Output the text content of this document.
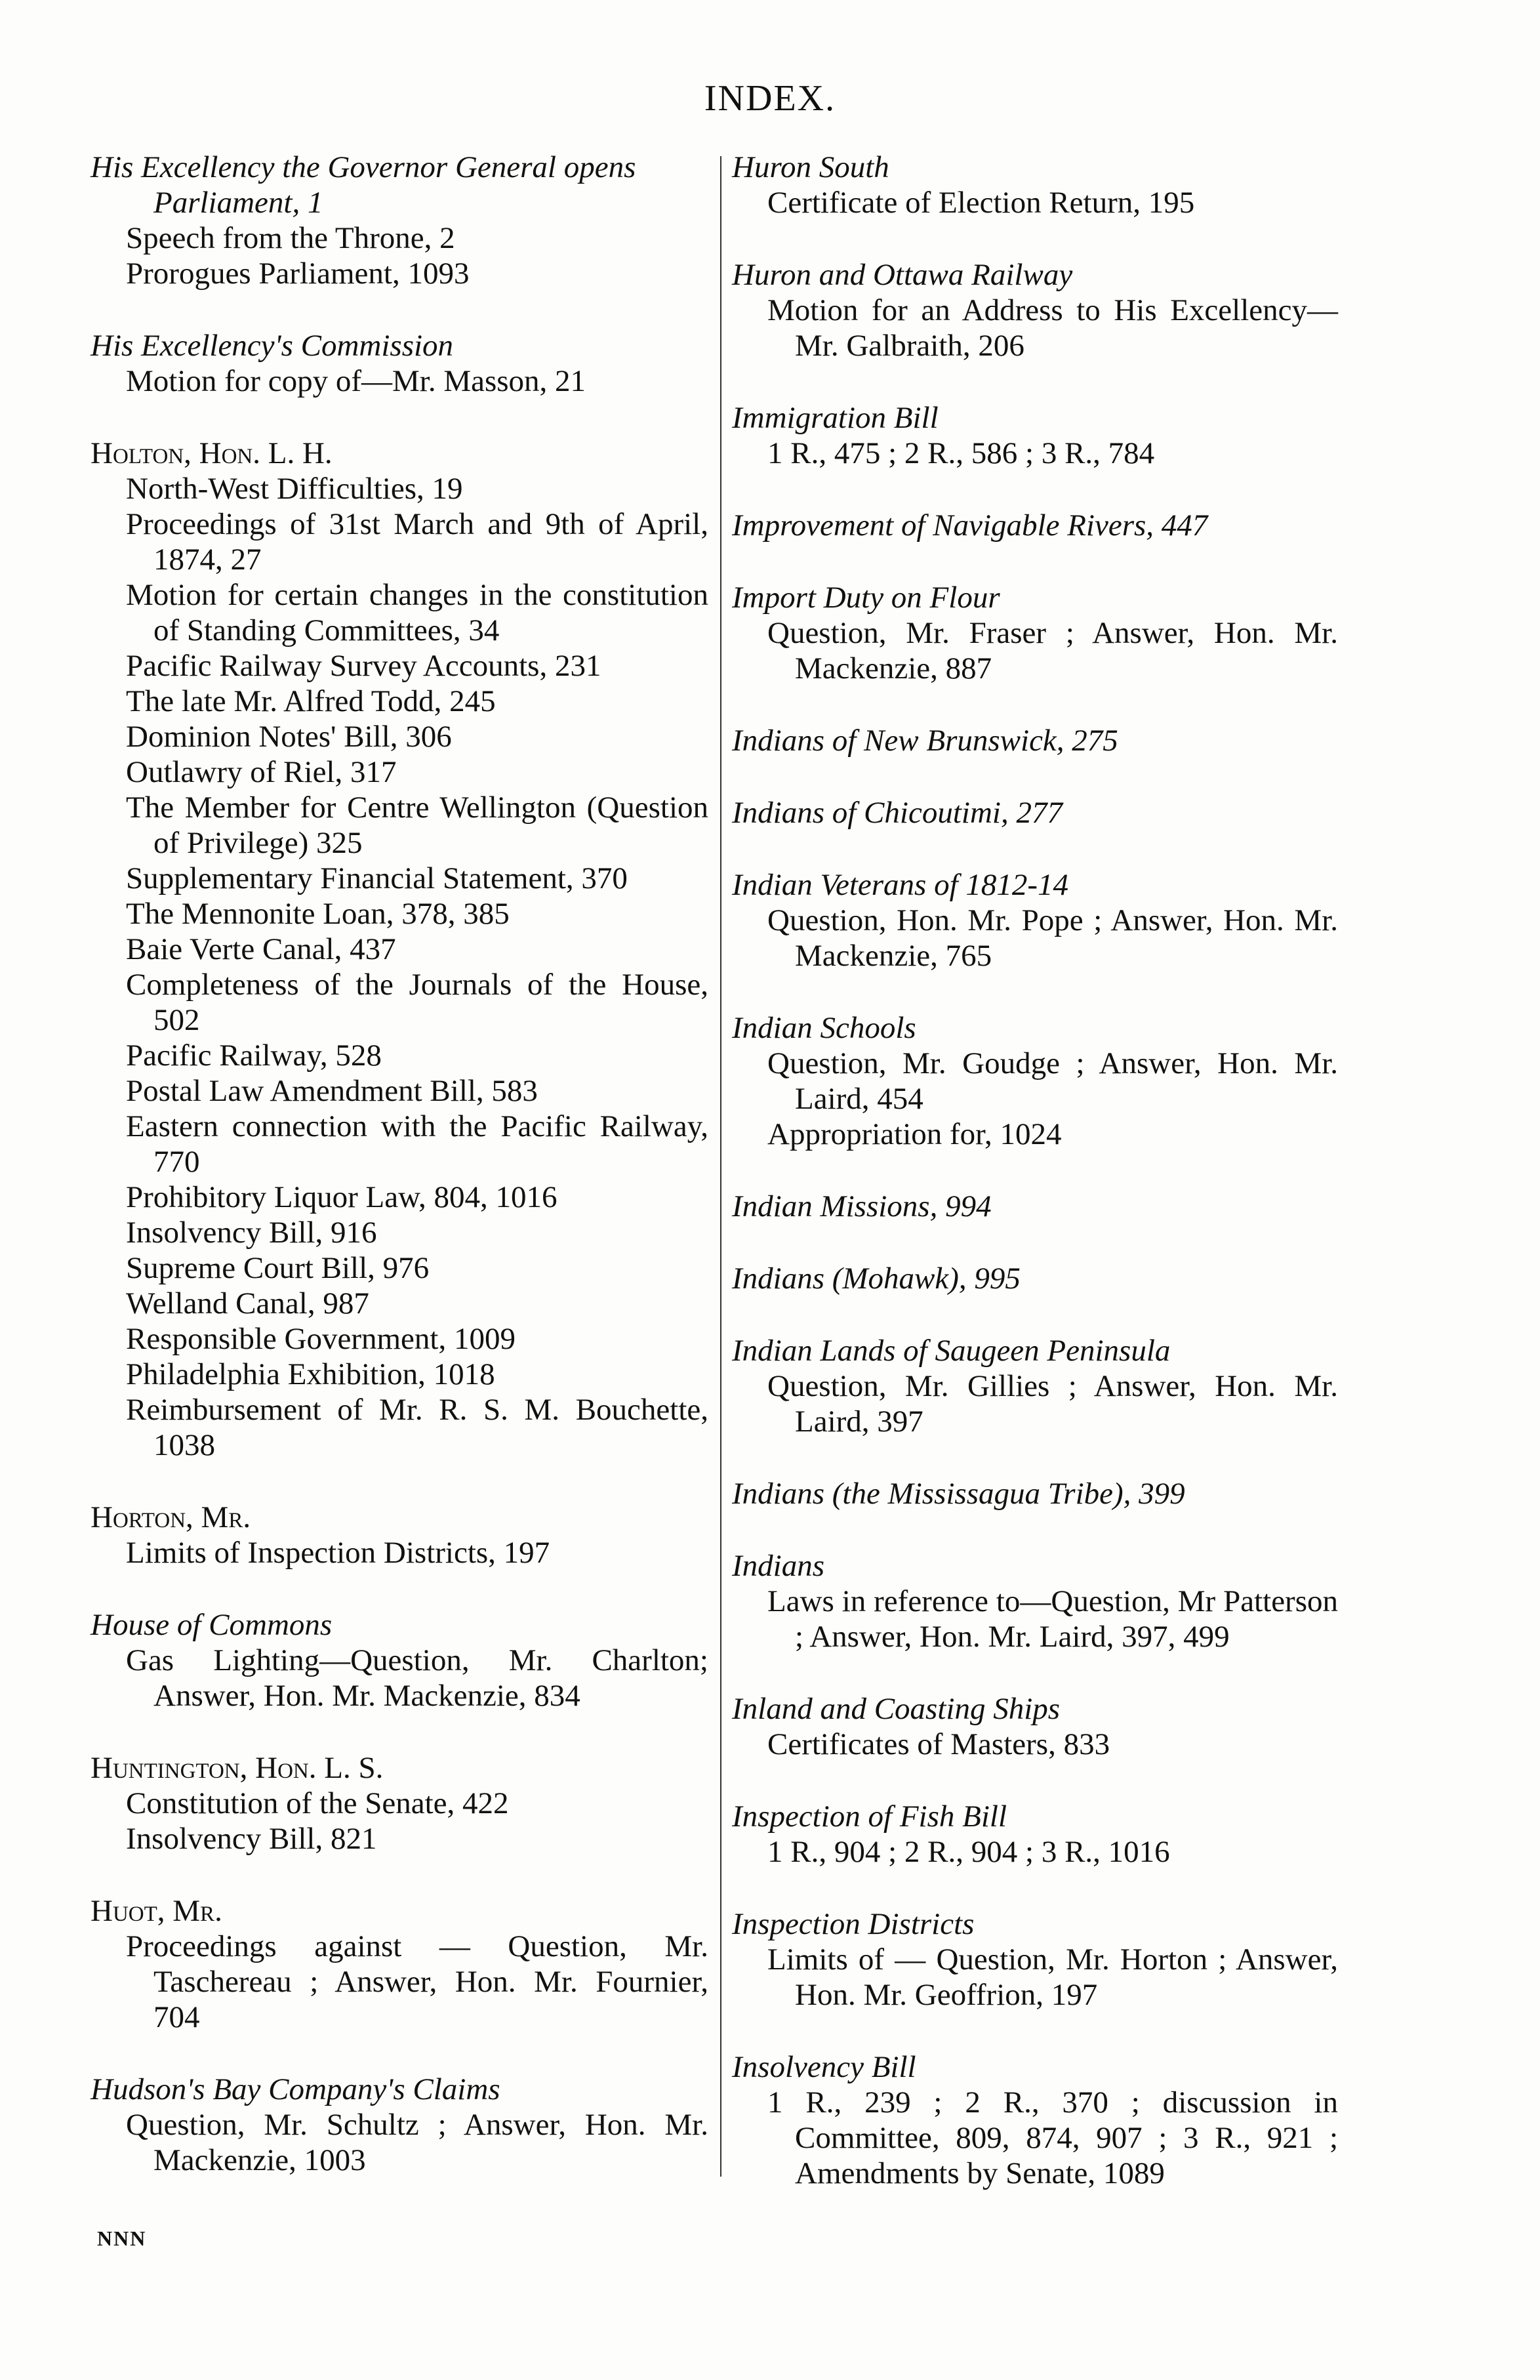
INDEX.
His Excellency the Governor General opens Parliament, 1
Speech from the Throne, 2
Prorogues Parliament, 1093
His Excellency's Commission
Motion for copy of—Mr. Masson, 21
Holton, Hon. L. H.
North-West Difficulties, 19
Proceedings of 31st March and 9th of April, 1874, 27
Motion for certain changes in the constitution of Standing Committees, 34
Pacific Railway Survey Accounts, 231
The late Mr. Alfred Todd, 245
Dominion Notes' Bill, 306
Outlawry of Riel, 317
The Member for Centre Wellington (Question of Privilege) 325
Supplementary Financial Statement, 370
The Mennonite Loan, 378, 385
Baie Verte Canal, 437
Completeness of the Journals of the House, 502
Pacific Railway, 528
Postal Law Amendment Bill, 583
Eastern connection with the Pacific Railway, 770
Prohibitory Liquor Law, 804, 1016
Insolvency Bill, 916
Supreme Court Bill, 976
Welland Canal, 987
Responsible Government, 1009
Philadelphia Exhibition, 1018
Reimbursement of Mr. R. S. M. Bouchette, 1038
Horton, Mr.
Limits of Inspection Districts, 197
House of Commons
Gas Lighting—Question, Mr. Charlton; Answer, Hon. Mr. Mackenzie, 834
Huntington, Hon. L. S.
Constitution of the Senate, 422
Insolvency Bill, 821
Huot, Mr.
Proceedings against — Question, Mr. Taschereau ; Answer, Hon. Mr. Fournier, 704
Hudson's Bay Company's Claims
Question, Mr. Schultz ; Answer, Hon. Mr. Mackenzie, 1003
Huron South
Certificate of Election Return, 195
Huron and Ottawa Railway
Motion for an Address to His Excellency—Mr. Galbraith, 206
Immigration Bill
1 R., 475 ; 2 R., 586 ; 3 R., 784
Improvement of Navigable Rivers, 447
Import Duty on Flour
Question, Mr. Fraser ; Answer, Hon. Mr. Mackenzie, 887
Indians of New Brunswick, 275
Indians of Chicoutimi, 277
Indian Veterans of 1812-14
Question, Hon. Mr. Pope ; Answer, Hon. Mr. Mackenzie, 765
Indian Schools
Question, Mr. Goudge ; Answer, Hon. Mr. Laird, 454
Appropriation for, 1024
Indian Missions, 994
Indians (Mohawk), 995
Indian Lands of Saugeen Peninsula
Question, Mr. Gillies ; Answer, Hon. Mr. Laird, 397
Indians (the Mississagua Tribe), 399
Indians
Laws in reference to—Question, Mr Patterson ; Answer, Hon. Mr. Laird, 397, 499
Inland and Coasting Ships
Certificates of Masters, 833
Inspection of Fish Bill
1 R., 904 ; 2 R., 904 ; 3 R., 1016
Inspection Districts
Limits of — Question, Mr. Horton ; Answer, Hon. Mr. Geoffrion, 197
Insolvency Bill
1 R., 239 ; 2 R., 370 ; discussion in Committee, 809, 874, 907 ; 3 R., 921 ; Amendments by Senate, 1089
NNN
